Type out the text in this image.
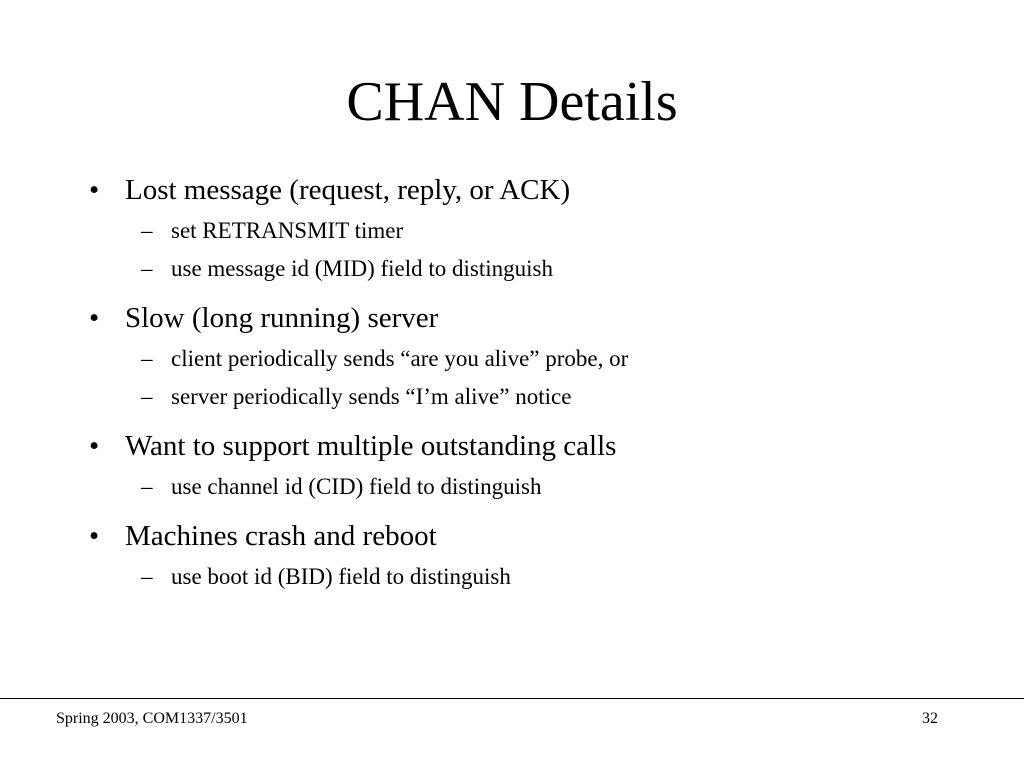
CHAN Details
• Lost message (request, reply, or ACK)
– set RETRANSMIT timer
– use message id (MID) field to distinguish
• Slow (long running) server
– client periodically sends “are you alive” probe, or
– server periodically sends “I’m alive” notice
• Want to support multiple outstanding calls
– use channel id (CID) field to distinguish
• Machines crash and reboot
– use boot id (BID) field to distinguish
Spring 2003, COM1337/3501	32
